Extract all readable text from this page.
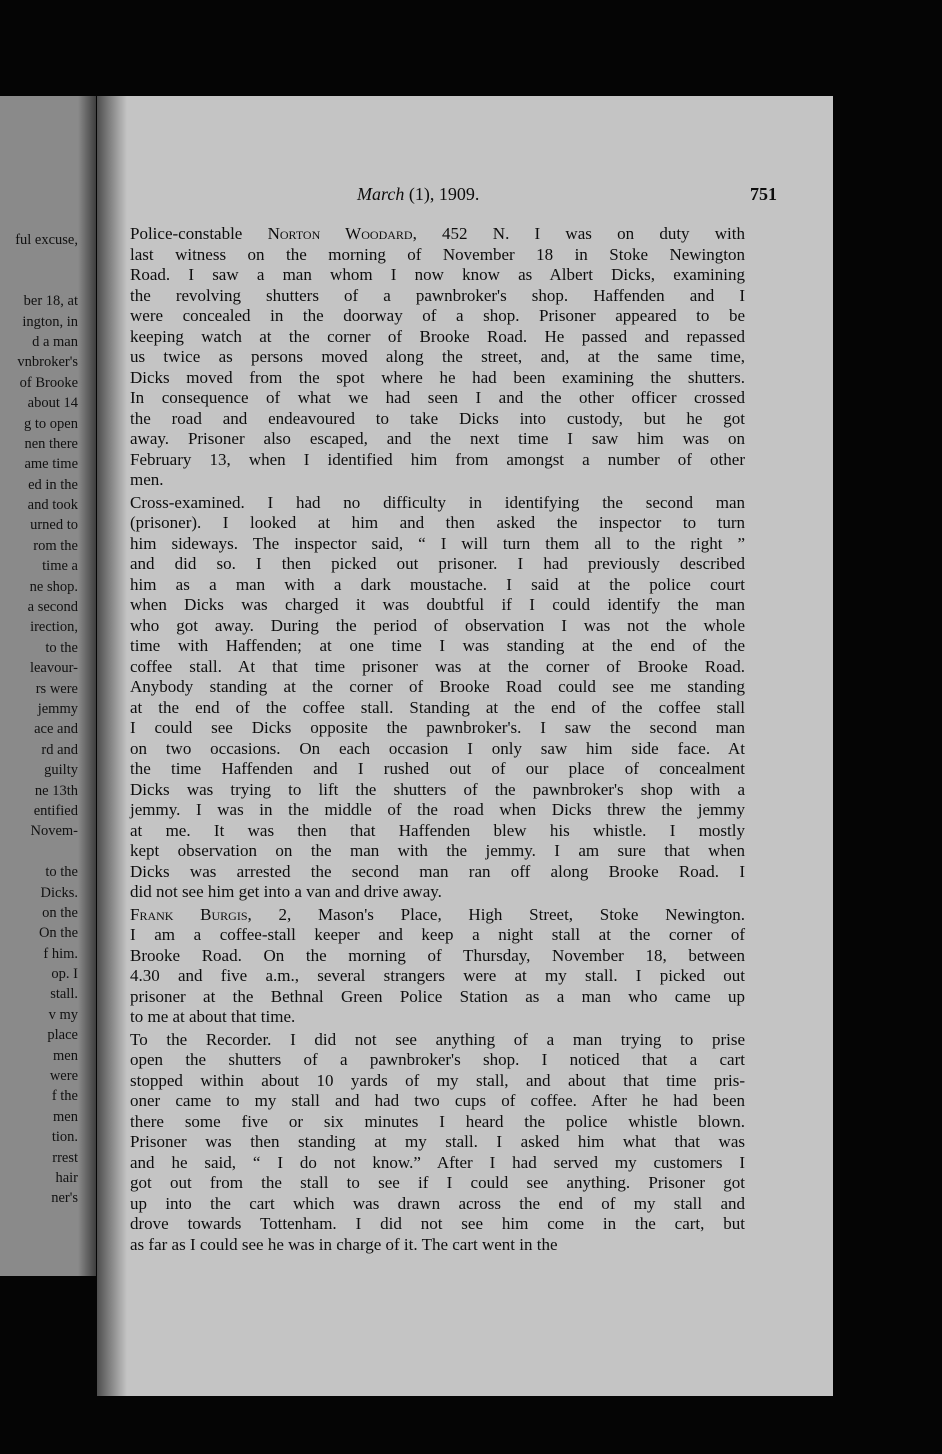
ful excuse,
ber 18, at
ington, in
d a man
vnbroker's
of Brooke
about 14
g to open
nen there
ame time
ed in the
and took
urned to
rom the
time a
ne shop.
a second
irection,
to the
leavour-
rs were
jemmy
ace and
rd and
guilty
ne 13th
entified
Novem-
to the
Dicks.
on the
On the
f him.
op. I
stall.
v my
place
men
were
f the
men
tion.
rrest
hair
ner's
March (1), 1909.	751
Police-constable Norton Woodard, 452 N. I was on duty with
last witness on the morning of November 18 in Stoke Newington
Road. I saw a man whom I now know as Albert Dicks, examining
the revolving shutters of a pawnbroker's shop. Haffenden and I
were concealed in the doorway of a shop. Prisoner appeared to be
keeping watch at the corner of Brooke Road. He passed and repassed
us twice as persons moved along the street, and, at the same time,
Dicks moved from the spot where he had been examining the shutters.
In consequence of what we had seen I and the other officer crossed
the road and endeavoured to take Dicks into custody, but he got
away. Prisoner also escaped, and the next time I saw him was on
February 13, when I identified him from amongst a number of other
men.
Cross-examined. I had no difficulty in identifying the second man
(prisoner). I looked at him and then asked the inspector to turn
him sideways. The inspector said, “ I will turn them all to the right ”
and did so. I then picked out prisoner. I had previously described
him as a man with a dark moustache. I said at the police court
when Dicks was charged it was doubtful if I could identify the man
who got away. During the period of observation I was not the whole
time with Haffenden; at one time I was standing at the end of the
coffee stall. At that time prisoner was at the corner of Brooke Road.
Anybody standing at the corner of Brooke Road could see me standing
at the end of the coffee stall. Standing at the end of the coffee stall
I could see Dicks opposite the pawnbroker's. I saw the second man
on two occasions. On each occasion I only saw him side face. At
the time Haffenden and I rushed out of our place of concealment
Dicks was trying to lift the shutters of the pawnbroker's shop with a
jemmy. I was in the middle of the road when Dicks threw the jemmy
at me. It was then that Haffenden blew his whistle. I mostly
kept observation on the man with the jemmy. I am sure that when
Dicks was arrested the second man ran off along Brooke Road. I
did not see him get into a van and drive away.
Frank Burgis, 2, Mason's Place, High Street, Stoke Newington.
I am a coffee-stall keeper and keep a night stall at the corner of
Brooke Road. On the morning of Thursday, November 18, between
4.30 and five a.m., several strangers were at my stall. I picked out
prisoner at the Bethnal Green Police Station as a man who came up
to me at about that time.
To the Recorder. I did not see anything of a man trying to prise
open the shutters of a pawnbroker's shop. I noticed that a cart
stopped within about 10 yards of my stall, and about that time pris-
oner came to my stall and had two cups of coffee. After he had been
there some five or six minutes I heard the police whistle blown.
Prisoner was then standing at my stall. I asked him what that was
and he said, “ I do not know.” After I had served my customers I
got out from the stall to see if I could see anything. Prisoner got
up into the cart which was drawn across the end of my stall and
drove towards Tottenham. I did not see him come in the cart, but
as far as I could see he was in charge of it. The cart went in the
